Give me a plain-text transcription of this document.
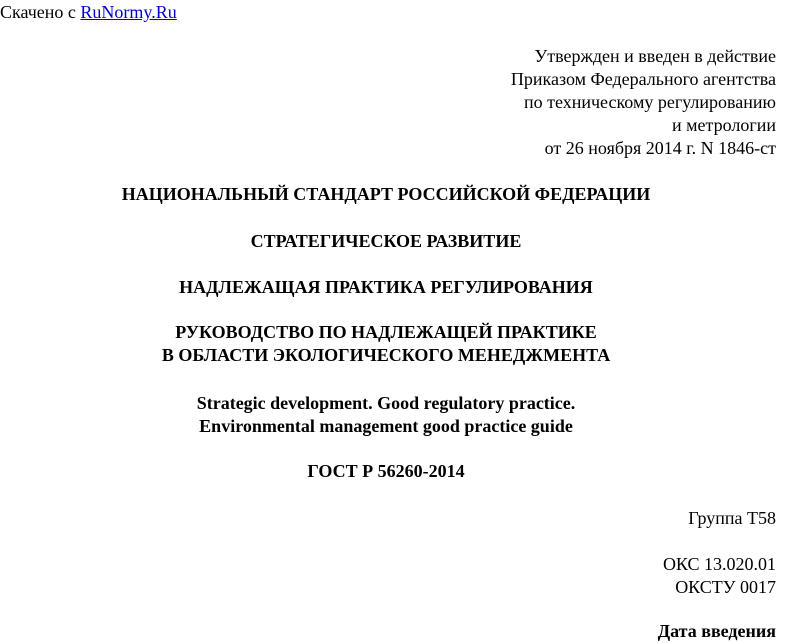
Скачено с RuNormy.Ru
Утвержден и введен в действие
Приказом Федерального агентства
по техническому регулированию
и метрологии
от 26 ноября 2014 г. N 1846-ст
НАЦИОНАЛЬНЫЙ СТАНДАРТ РОССИЙСКОЙ ФЕДЕРАЦИИ
СТРАТЕГИЧЕСКОЕ РАЗВИТИЕ
НАДЛЕЖАЩАЯ ПРАКТИКА РЕГУЛИРОВАНИЯ
РУКОВОДСТВО ПО НАДЛЕЖАЩЕЙ ПРАКТИКЕ
В ОБЛАСТИ ЭКОЛОГИЧЕСКОГО МЕНЕДЖМЕНТА
Strategic development. Good regulatory practice.
Environmental management good practice guide
ГОСТ Р 56260-2014
Группа Т58
ОКС 13.020.01
ОКСТУ 0017
Дата введения
